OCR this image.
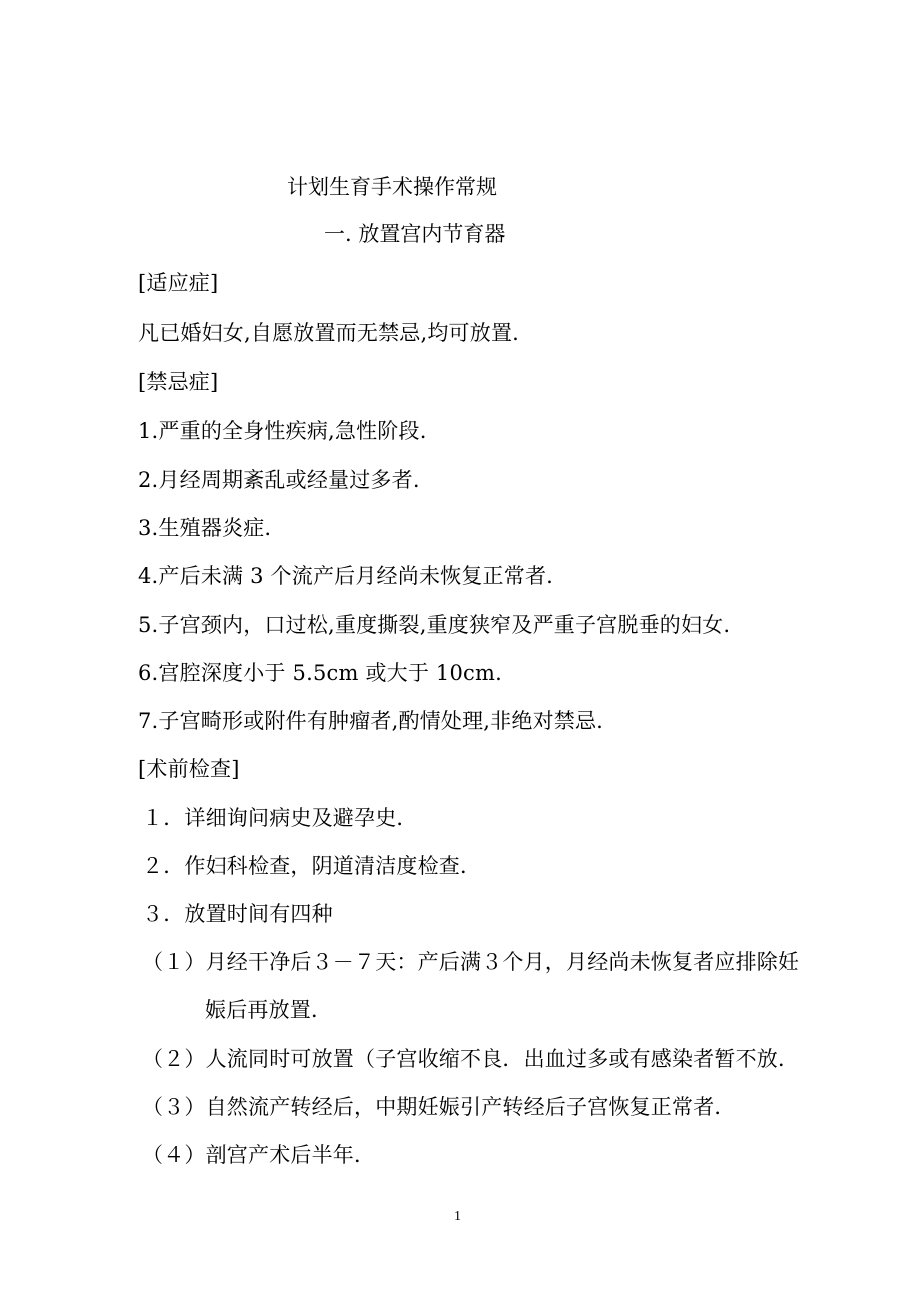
计划生育手术操作常规
一. 放置宫内节育器
[适应症]
凡已婚妇女,自愿放置而无禁忌,均可放置.
[禁忌症]
1.严重的全身性疾病,急性阶段.
2.月经周期紊乱或经量过多者.
3.生殖器炎症.
4.产后未满 3 个流产后月经尚未恢复正常者.
5.子宫颈内，口过松,重度撕裂,重度狭窄及严重子宫脱垂的妇女.
6.宫腔深度小于 5.5cm 或大于 10cm.
7.子宫畸形或附件有肿瘤者,酌情处理,非绝对禁忌.
[术前检查]
１．详细询问病史及避孕史．
２．作妇科检查，阴道清洁度检查．
３．放置时间有四种
（１）月经干净后３－７天：产后满３个月，月经尚未恢复者应排除妊
娠后再放置．
（２）人流同时可放置（子宫收缩不良．出血过多或有感染者暂不放．
（３）自然流产转经后，中期妊娠引产转经后子宫恢复正常者．
（４）剖宫产术后半年．
1
